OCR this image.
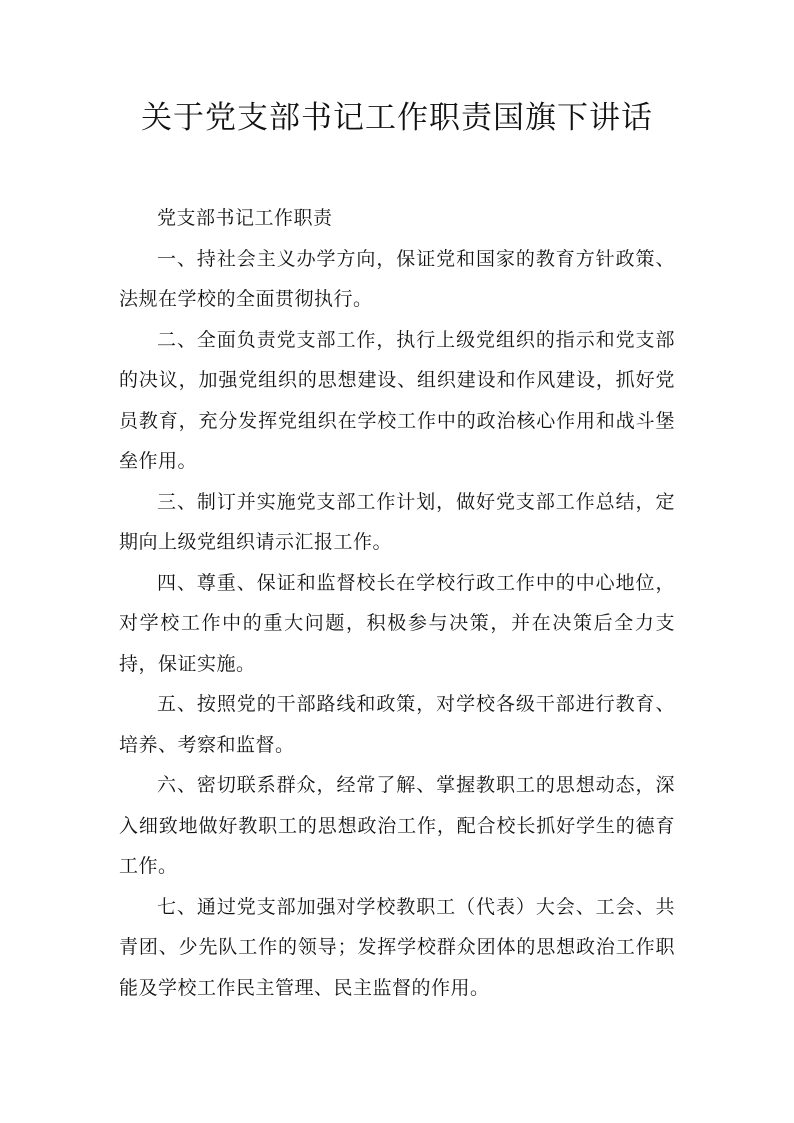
关于党支部书记工作职责国旗下讲话

党支部书记工作职责

一、持社会主义办学方向，保证党和国家的教育方针政策、法规在学校的全面贯彻执行。

二、全面负责党支部工作，执行上级党组织的指示和党支部的决议，加强党组织的思想建设、组织建设和作风建设，抓好党员教育，充分发挥党组织在学校工作中的政治核心作用和战斗堡垒作用。

三、制订并实施党支部工作计划，做好党支部工作总结，定期向上级党组织请示汇报工作。

四、尊重、保证和监督校长在学校行政工作中的中心地位，对学校工作中的重大问题，积极参与决策，并在决策后全力支持，保证实施。

五、按照党的干部路线和政策，对学校各级干部进行教育、培养、考察和监督。

六、密切联系群众，经常了解、掌握教职工的思想动态，深入细致地做好教职工的思想政治工作，配合校长抓好学生的德育工作。

七、通过党支部加强对学校教职工（代表）大会、工会、共青团、少先队工作的领导；发挥学校群众团体的思想政治工作职能及学校工作民主管理、民主监督的作用。
